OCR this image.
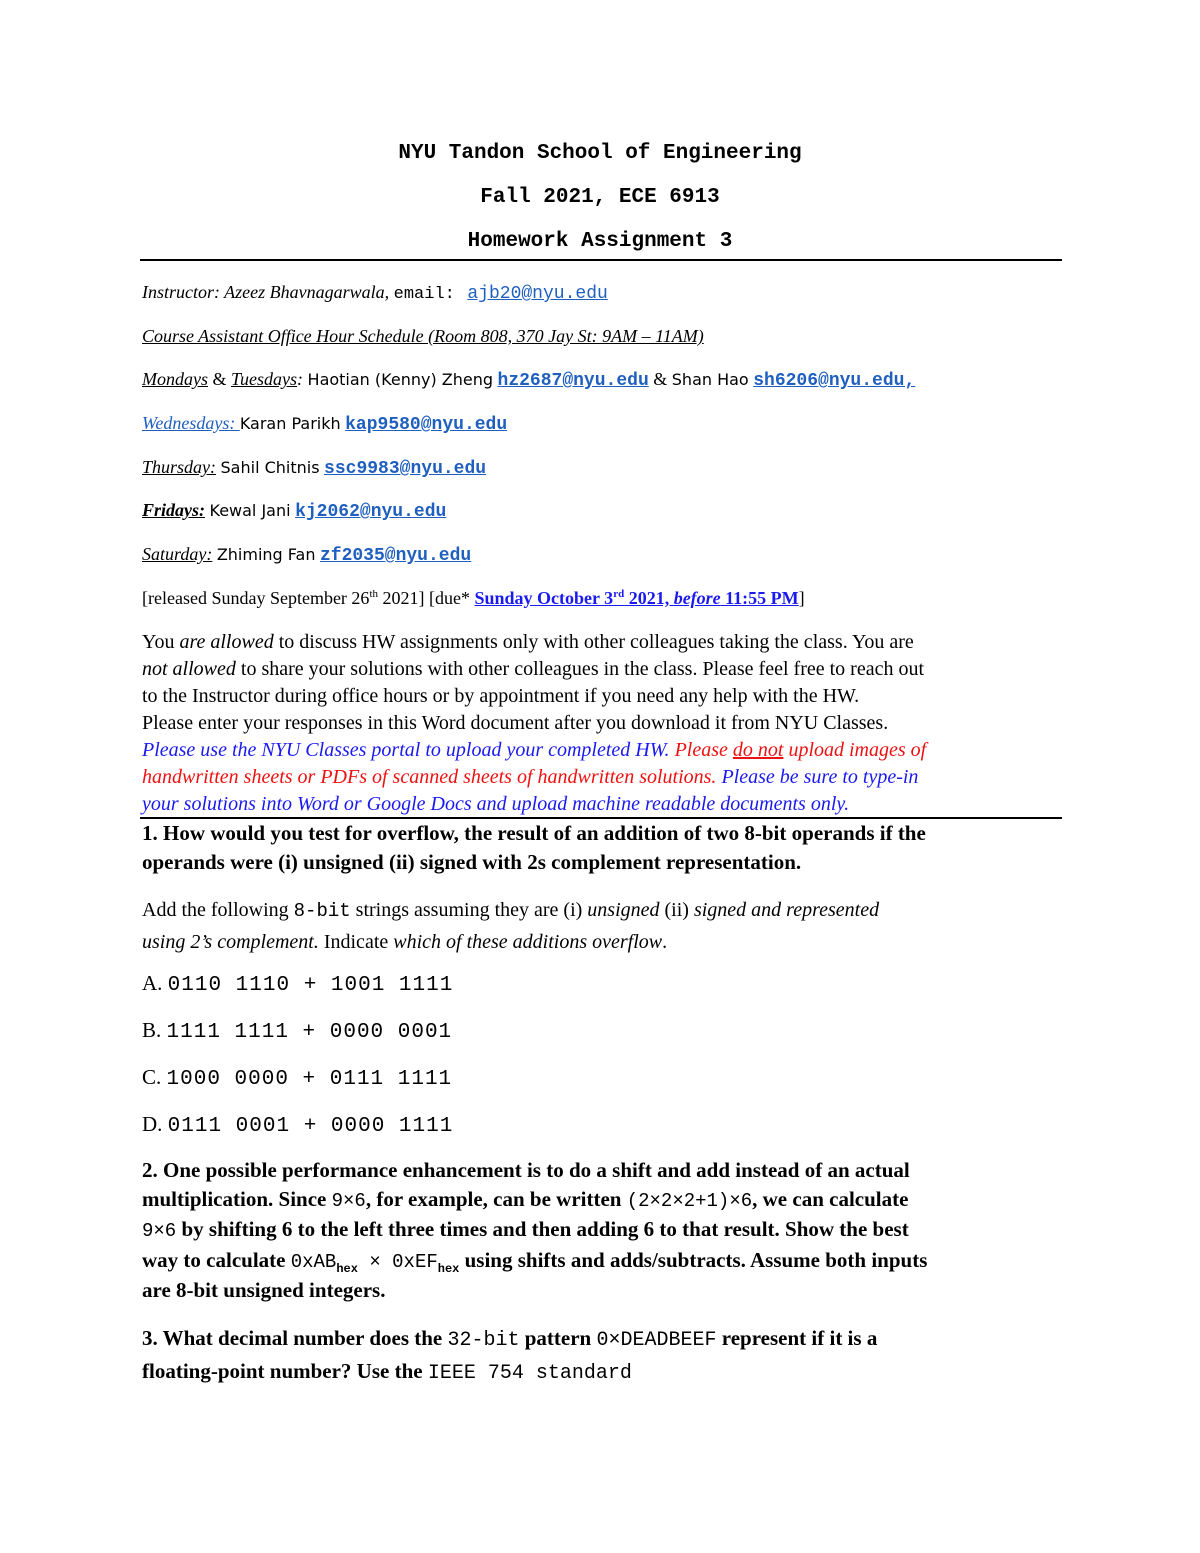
NYU Tandon School of Engineering
Fall 2021, ECE 6913
Homework Assignment 3
Instructor: Azeez Bhavnagarwala, email: ajb20@nyu.edu
Course Assistant Office Hour Schedule (Room 808, 370 Jay St: 9AM – 11AM)
Mondays & Tuesdays: Haotian (Kenny) Zheng hz2687@nyu.edu & Shan Hao sh6206@nyu.edu,
Wednesdays: Karan Parikh kap9580@nyu.edu
Thursday: Sahil Chitnis ssc9983@nyu.edu
Fridays: Kewal Jani kj2062@nyu.edu
Saturday: Zhiming Fan zf2035@nyu.edu
[released Sunday September 26th 2021] [due* Sunday October 3rd 2021, before 11:55 PM]
You are allowed to discuss HW assignments only with other colleagues taking the class. You are
not allowed to share your solutions with other colleagues in the class. Please feel free to reach out
to the Instructor during office hours or by appointment if you need any help with the HW.
Please enter your responses in this Word document after you download it from NYU Classes.
Please use the NYU Classes portal to upload your completed HW. Please do not upload images of
handwritten sheets or PDFs of scanned sheets of handwritten solutions. Please be sure to type-in
your solutions into Word or Google Docs and upload machine readable documents only.
1. How would you test for overflow, the result of an addition of two 8-bit operands if the
operands were (i) unsigned (ii) signed with 2s complement representation.
Add the following 8-bit strings assuming they are (i) unsigned (ii) signed and represented
using 2’s complement. Indicate which of these additions overflow.
A. 0110 1110 + 1001 1111
B. 1111 1111 + 0000 0001
C. 1000 0000 + 0111 1111
D. 0111 0001 + 0000 1111
2. One possible performance enhancement is to do a shift and add instead of an actual
multiplication. Since 9×6, for example, can be written (2×2×2+1)×6, we can calculate
9×6 by shifting 6 to the left three times and then adding 6 to that result. Show the best
way to calculate 0xAB$_{hex}$ × 0xEF$_{hex}$ using shifts and adds/subtracts. Assume both inputs
are 8-bit unsigned integers.
3. What decimal number does the 32-bit pattern 0×DEADBEEF represent if it is a
floating-point number? Use the IEEE 754 standard
